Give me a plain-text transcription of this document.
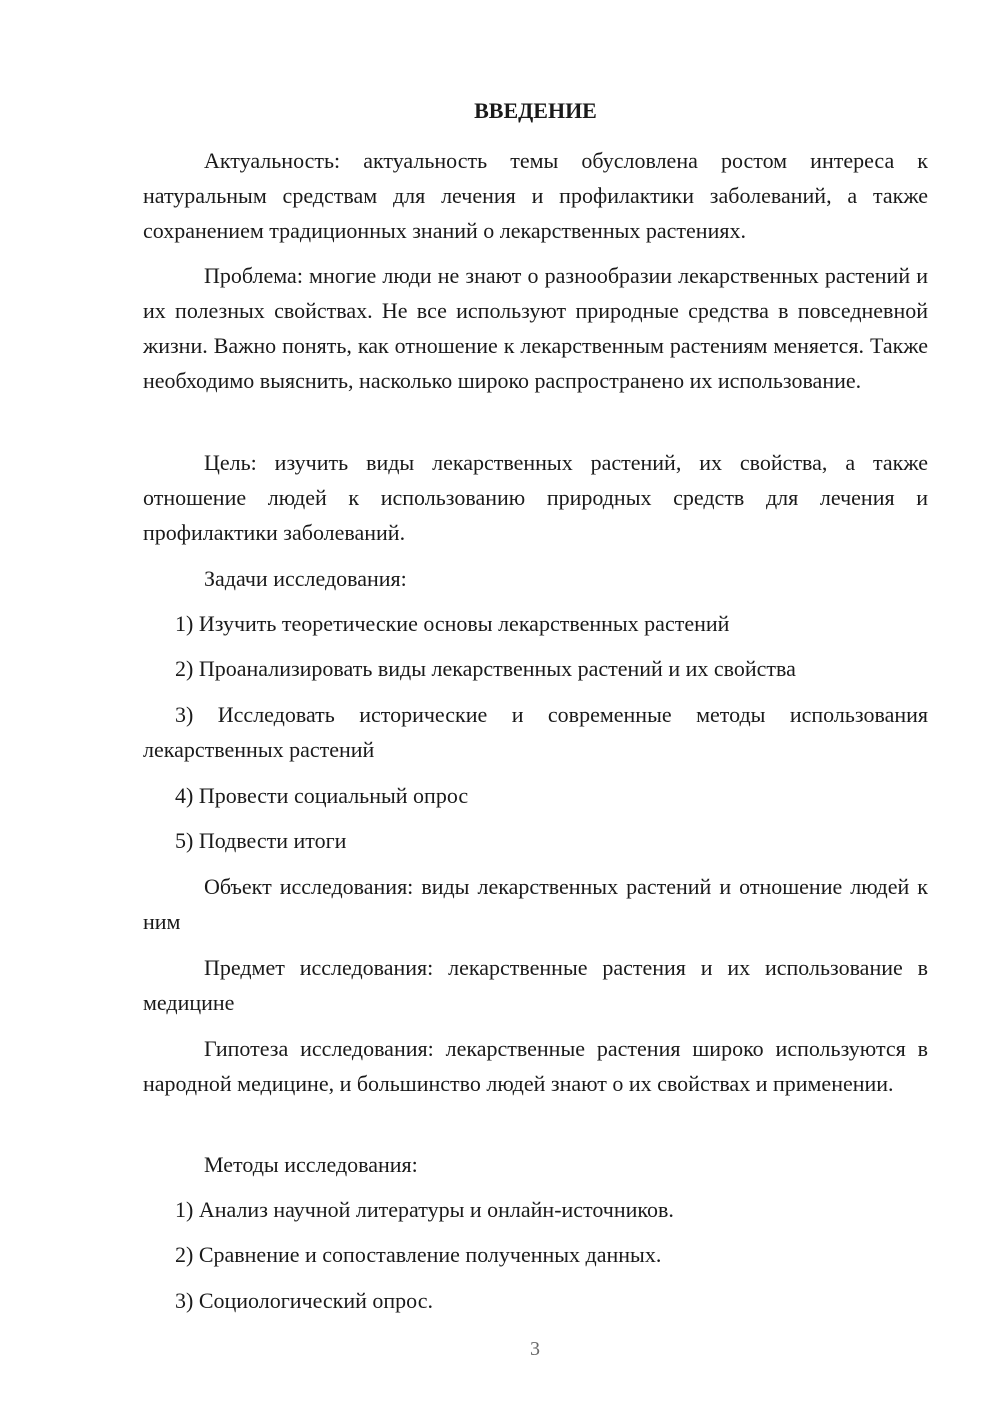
ВВЕДЕНИЕ
Актуальность: актуальность темы обусловлена ростом интереса к натуральным средствам для лечения и профилактики заболеваний, а также сохранением традиционных знаний о лекарственных растениях.
Проблема: многие люди не знают о разнообразии лекарственных растений и их полезных свойствах. Не все используют природные средства в повседневной жизни. Важно понять, как отношение к лекарственным растениям меняется. Также необходимо выяснить, насколько широко распространено их использование.
Цель: изучить виды лекарственных растений, их свойства, а также отношение людей к использованию природных средств для лечения и профилактики заболеваний.
Задачи исследования:
1) Изучить теоретические основы лекарственных растений
2) Проанализировать виды лекарственных растений и их свойства
3) Исследовать исторические и современные методы использования лекарственных растений
4) Провести социальный опрос
5) Подвести итоги
Объект исследования: виды лекарственных растений и отношение людей к ним
Предмет исследования: лекарственные растения и их использование в медицине
Гипотеза исследования: лекарственные растения широко используются в народной медицине, и большинство людей знают о их свойствах и применении.
Методы исследования:
1) Анализ научной литературы и онлайн-источников.
2) Сравнение и сопоставление полученных данных.
3) Социологический опрос.
3
